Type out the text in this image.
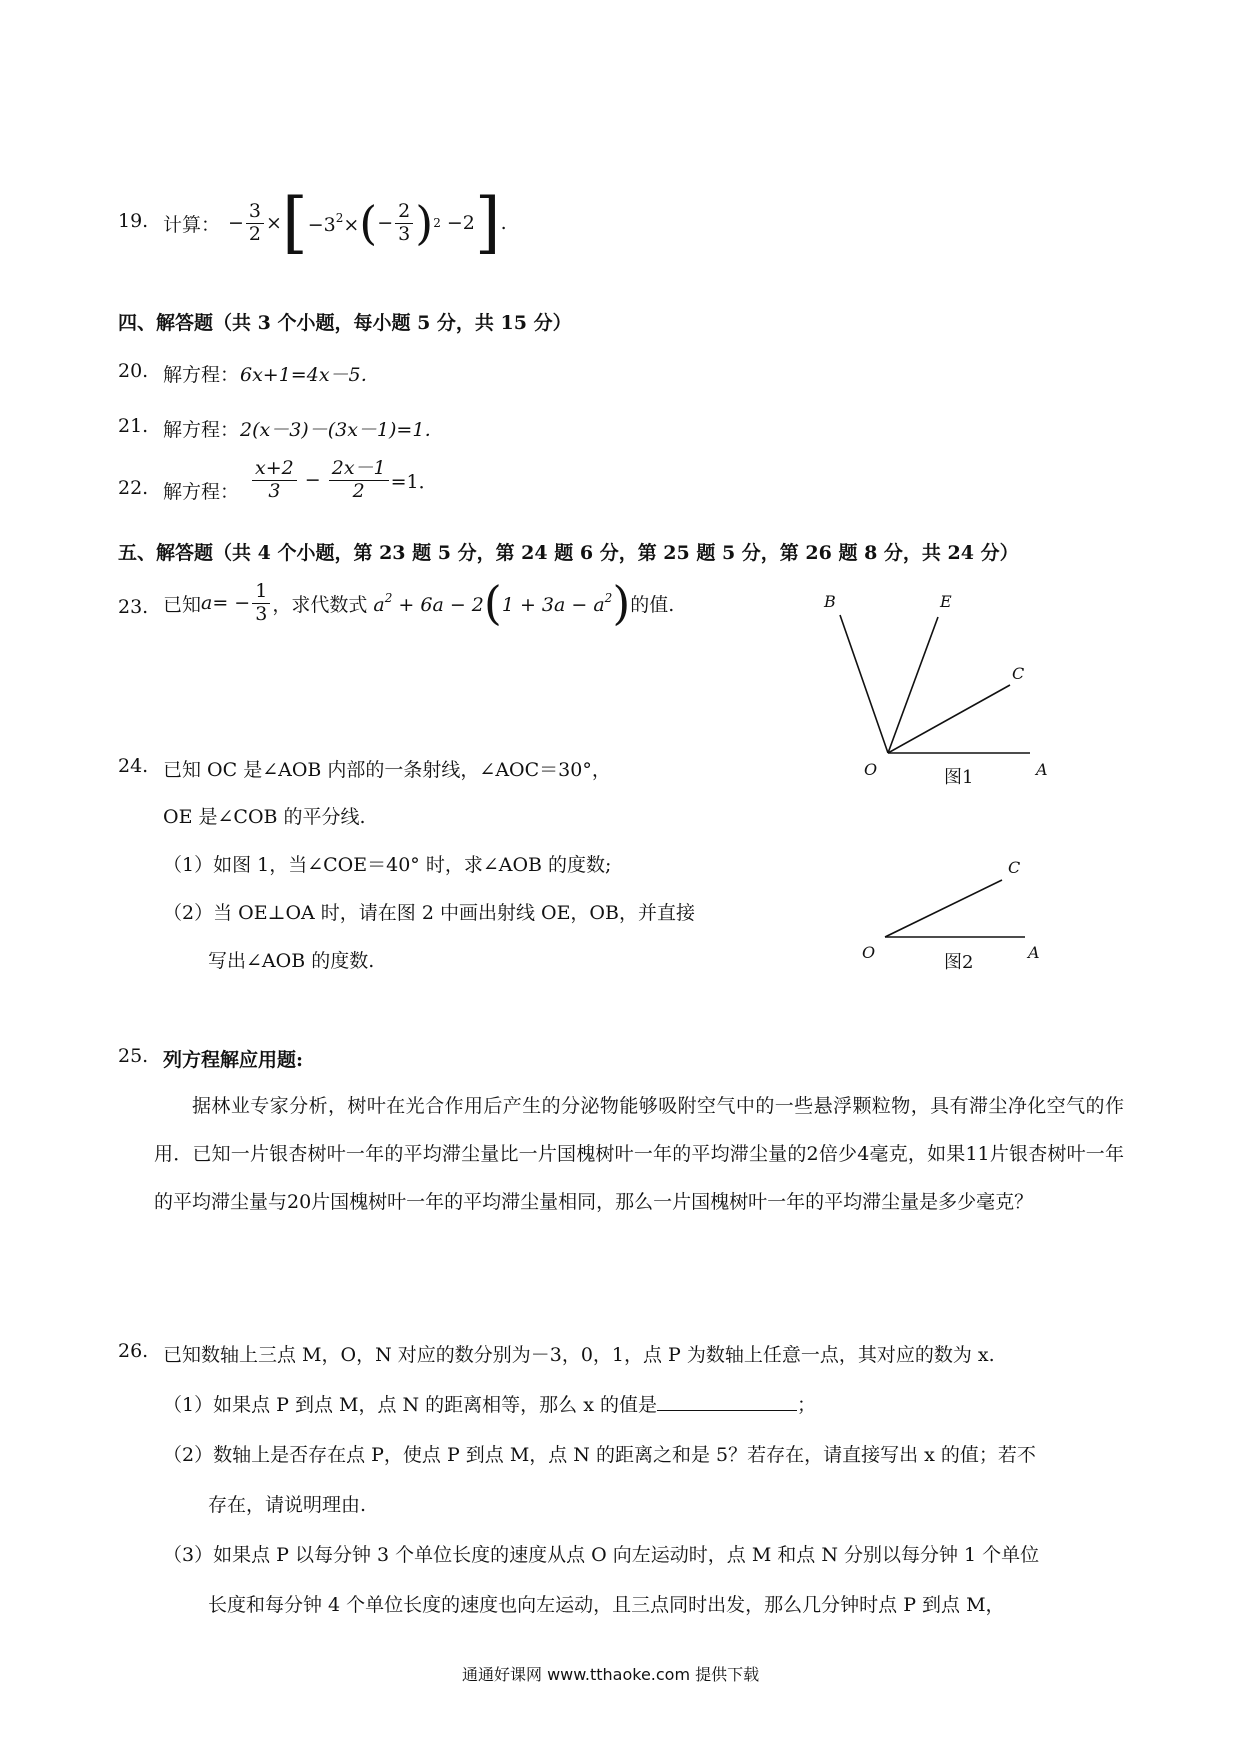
19. 计算： − $\frac{3}{2}$ × [ $-3^2\times$ ( − $\frac{2}{3}$ ) 2 −2 ] .
四、解答题（共 3 个小题，每小题 5 分，共 15 分）
20. 解方程： 6x+1=4x－5．
21. 解方程： 2(x－3)－(3x－1)=1．
22. 解方程： $\frac{x+2}{3} - \frac{2x-1}{2} =1$．
五、解答题（共 4 个小题，第 23 题 5 分，第 24 题 6 分，第 25 题 5 分，第 26 题 8 分，共 24 分）
23. 已知 a = − $\frac{1}{3}$ ，求代数式 $a^2 + 6a - 2$ ( $1 + 3a - a^2$ ) 的值.	B	E
C
O	A
图1
24. 已知 OC 是∠AOB 内部的一条射线，∠AOC＝30°，
OE 是∠COB 的平分线.
（1）如图 1，当∠COE＝40° 时，求∠AOB 的度数;
（2）当 OE⊥OA 时，请在图 2 中画出射线 OE，OB，并直接
写出∠AOB 的度数.
C
O	A
图2
25. 列方程解应用题:
据林业专家分析，树叶在光合作用后产生的分泌物能够吸附空气中的一些悬浮颗粒物，具有滞尘净化空气的作用．已知一片银杏树叶一年的平均滞尘量比一片国槐树叶一年的平均滞尘量的2倍少4毫克，如果11片银杏树叶一年的平均滞尘量与20片国槐树叶一年的平均滞尘量相同，那么一片国槐树叶一年的平均滞尘量是多少毫克？
26. 已知数轴上三点 M，O，N 对应的数分别为－3，0，1，点 P 为数轴上任意一点，其对应的数为 x.
（1）如果点 P 到点 M，点 N 的距离相等，那么 x 的值是	；
（2）数轴上是否存在点 P，使点 P 到点 M，点 N 的距离之和是 5？若存在，请直接写出 x 的值；若不
存在，请说明理由.
（3）如果点 P 以每分钟 3 个单位长度的速度从点 O 向左运动时，点 M 和点 N 分别以每分钟 1 个单位
长度和每分钟 4 个单位长度的速度也向左运动，且三点同时出发，那么几分钟时点 P 到点 M，
通通好课网 www.tthaoke.com 提供下载
